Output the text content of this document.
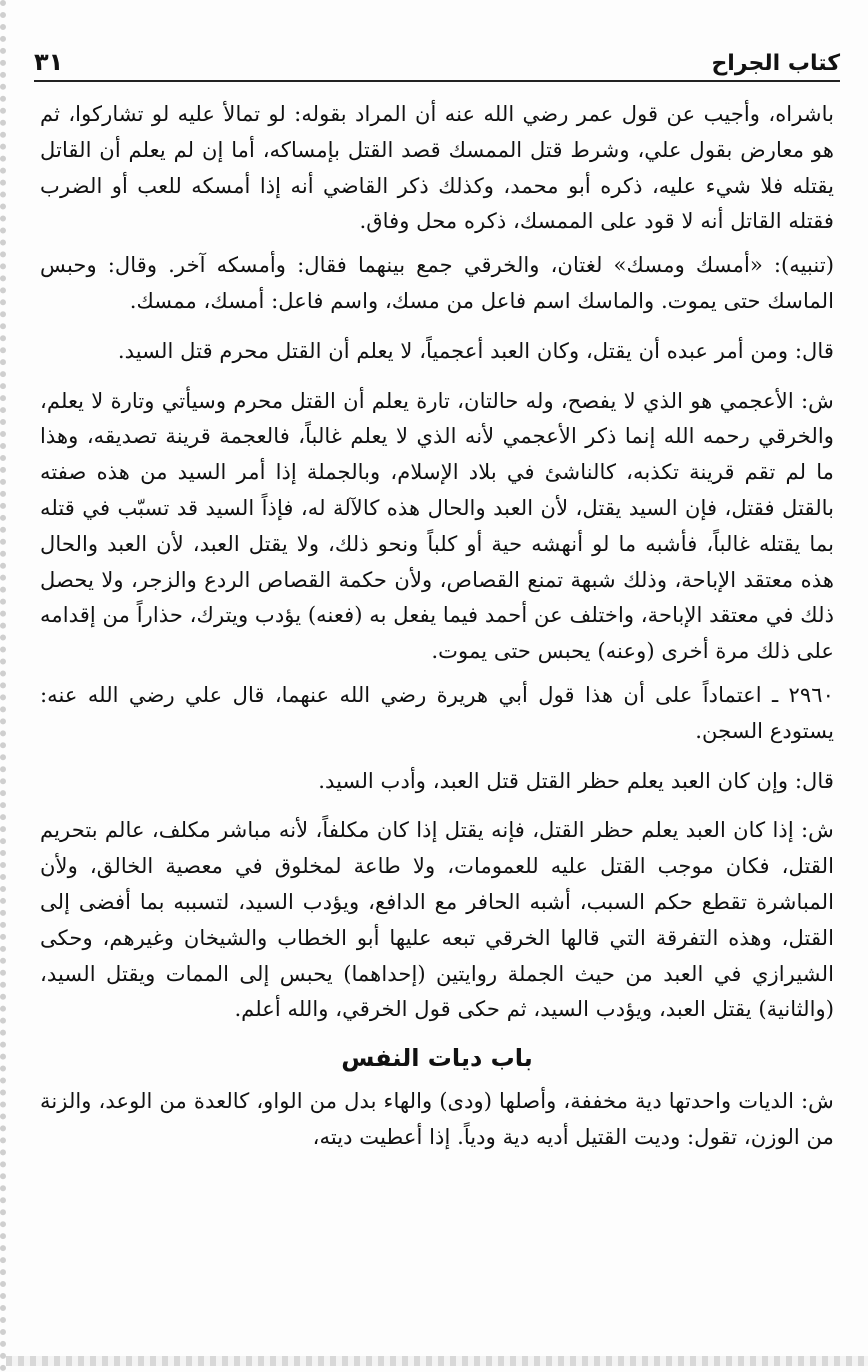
٣١	كتاب الجراح

باشراه، وأجيب عن قول عمر رضي الله عنه أن المراد بقوله: لو تمالأ عليه لو تشاركوا، ثم هو معارض بقول علي، وشرط قتل الممسك قصد القتل بإمساكه، أما إن لم يعلم أن القاتل يقتله فلا شيء عليه، ذكره أبو محمد، وكذلك ذكر القاضي أنه إذا أمسكه للعب أو الضرب فقتله القاتل أنه لا قود على الممسك، ذكره محل وفاق.

(تنبيه): «أمسك ومسك» لغتان، والخرقي جمع بينهما فقال: وأمسكه آخر. وقال: وحبس الماسك حتى يموت. والماسك اسم فاعل من مسك، واسم فاعل: أمسك، ممسك.

قال: ومن أمر عبده أن يقتل، وكان العبد أعجمياً، لا يعلم أن القتل محرم قتل السيد.

ش: الأعجمي هو الذي لا يفصح، وله حالتان، تارة يعلم أن القتل محرم وسيأتي وتارة لا يعلم، والخرقي رحمه الله إنما ذكر الأعجمي لأنه الذي لا يعلم غالباً، فالعجمة قرينة تصديقه، وهذا ما لم تقم قرينة تكذبه، كالناشئ في بلاد الإسلام، وبالجملة إذا أمر السيد من هذه صفته بالقتل فقتل، فإن السيد يقتل، لأن العبد والحال هذه كالآلة له، فإذاً السيد قد تسبّب في قتله بما يقتله غالباً، فأشبه ما لو أنهشه حية أو كلباً ونحو ذلك، ولا يقتل العبد، لأن العبد والحال هذه معتقد الإباحة، وذلك شبهة تمنع القصاص، ولأن حكمة القصاص الردع والزجر، ولا يحصل ذلك في معتقد الإباحة، واختلف عن أحمد فيما يفعل به (فعنه) يؤدب ويترك، حذاراً من إقدامه على ذلك مرة أخرى (وعنه) يحبس حتى يموت.

٢٩٦٠ ـ اعتماداً على أن هذا قول أبي هريرة رضي الله عنهما، قال علي رضي الله عنه: يستودع السجن.

قال: وإن كان العبد يعلم حظر القتل قتل العبد، وأدب السيد.

ش: إذا كان العبد يعلم حظر القتل، فإنه يقتل إذا كان مكلفاً، لأنه مباشر مكلف، عالم بتحريم القتل، فكان موجب القتل عليه للعمومات، ولا طاعة لمخلوق في معصية الخالق، ولأن المباشرة تقطع حكم السبب، أشبه الحافر مع الدافع، ويؤدب السيد، لتسببه بما أفضى إلى القتل، وهذه التفرقة التي قالها الخرقي تبعه عليها أبو الخطاب والشيخان وغيرهم، وحكى الشيرازي في العبد من حيث الجملة روايتين (إحداهما) يحبس إلى الممات ويقتل السيد، (والثانية) يقتل العبد، ويؤدب السيد، ثم حكى قول الخرقي، والله أعلم.

باب ديات النفس

ش: الديات واحدتها دية مخففة، وأصلها (ودى) والهاء بدل من الواو، كالعدة من الوعد، والزنة من الوزن، تقول: وديت القتيل أديه دية ودياً. إذا أعطيت ديته،
